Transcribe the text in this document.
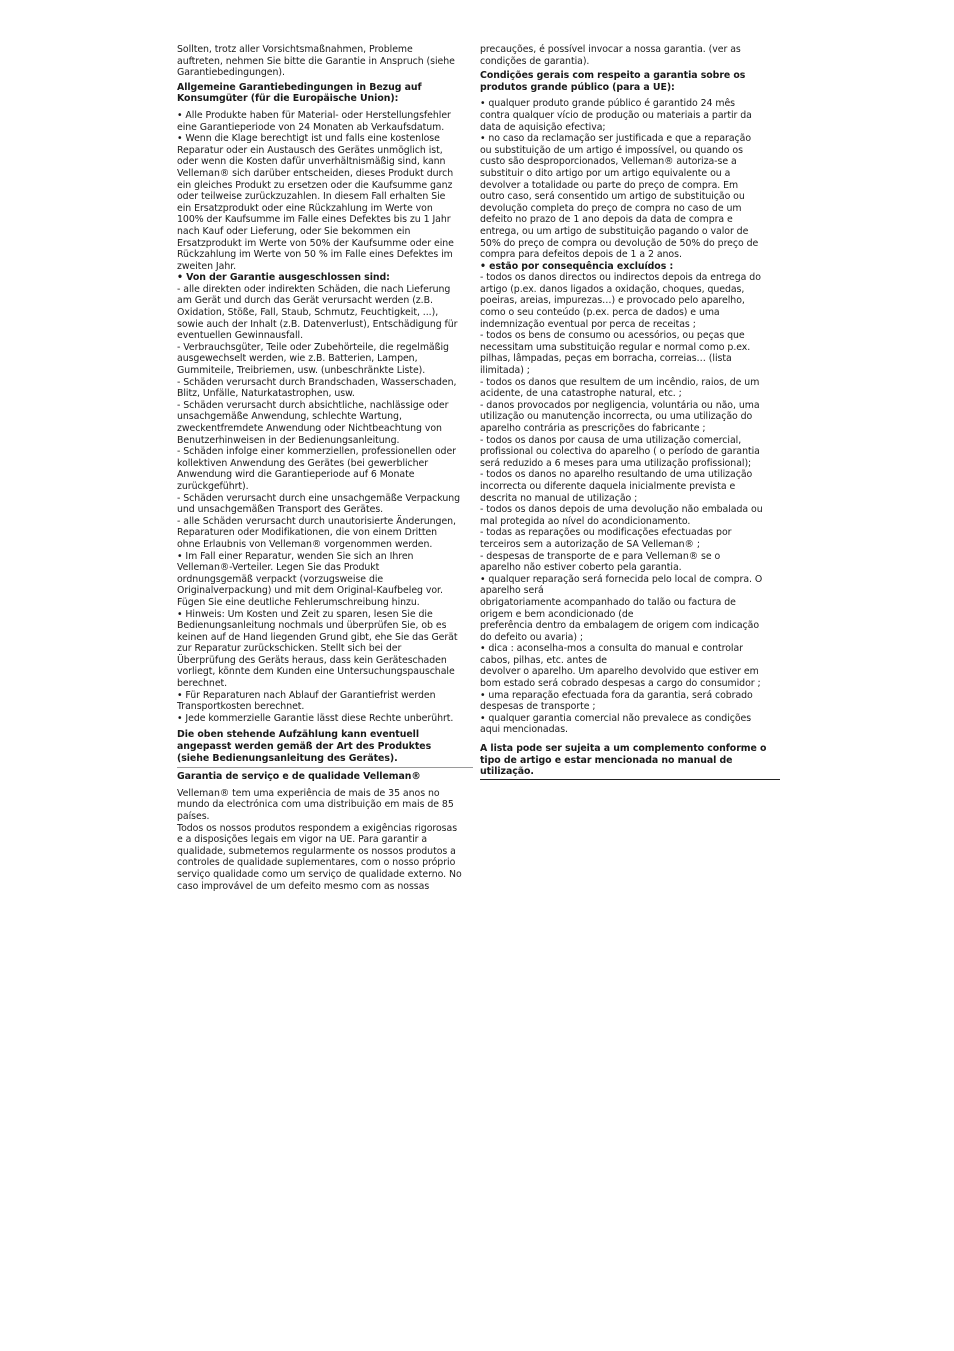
Sollten, trotz aller Vorsichtsmaßnahmen, Probleme
auftreten, nehmen Sie bitte die Garantie in Anspruch (siehe
Garantiebedingungen).

Allgemeine Garantiebedingungen in Bezug auf
Konsumgüter (für die Europäische Union):

• Alle Produkte haben für Material- oder Herstellungsfehler
eine Garantieperiode von 24 Monaten ab Verkaufsdatum.
• Wenn die Klage berechtigt ist und falls eine kostenlose
Reparatur oder ein Austausch des Gerätes unmöglich ist,
oder wenn die Kosten dafür unverhältnismäßig sind, kann
Velleman® sich darüber entscheiden, dieses Produkt durch
ein gleiches Produkt zu ersetzen oder die Kaufsumme ganz
oder teilweise zurückzuzahlen. In diesem Fall erhalten Sie
ein Ersatzprodukt oder eine Rückzahlung im Werte von
100% der Kaufsumme im Falle eines Defektes bis zu 1 Jahr
nach Kauf oder Lieferung, oder Sie bekommen ein
Ersatzprodukt im Werte von 50% der Kaufsumme oder eine
Rückzahlung im Werte von 50 % im Falle eines Defektes im
zweiten Jahr.

• Von der Garantie ausgeschlossen sind:

- alle direkten oder indirekten Schäden, die nach Lieferung
am Gerät und durch das Gerät verursacht werden (z.B.
Oxidation, Stöße, Fall, Staub, Schmutz, Feuchtigkeit, ...),
sowie auch der Inhalt (z.B. Datenverlust), Entschädigung für
eventuellen Gewinnausfall.
- Verbrauchsgüter, Teile oder Zubehörteile, die regelmäßig
ausgewechselt werden, wie z.B. Batterien, Lampen,
Gummiteile, Treibriemen, usw. (unbeschränkte Liste).
- Schäden verursacht durch Brandschaden, Wasserschaden,
Blitz, Unfälle, Naturkatastrophen, usw.
- Schäden verursacht durch absichtliche, nachlässige oder
unsachgemäße Anwendung, schlechte Wartung,
zweckentfremdete Anwendung oder Nichtbeachtung von
Benutzerhinweisen in der Bedienungsanleitung.
- Schäden infolge einer kommerziellen, professionellen oder
kollektiven Anwendung des Gerätes (bei gewerblicher
Anwendung wird die Garantieperiode auf 6 Monate
zurückgeführt).
- Schäden verursacht durch eine unsachgemäße Verpackung
und unsachgemäßen Transport des Gerätes.
- alle Schäden verursacht durch unautorisierte Änderungen,
Reparaturen oder Modifikationen, die von einem Dritten
ohne Erlaubnis von Velleman® vorgenommen werden.
• Im Fall einer Reparatur, wenden Sie sich an Ihren
Velleman®-Verteiler. Legen Sie das Produkt
ordnungsgemäß verpackt (vorzugsweise die
Originalverpackung) und mit dem Original-Kaufbeleg vor.
Fügen Sie eine deutliche Fehlerumschreibung hinzu.
• Hinweis: Um Kosten und Zeit zu sparen, lesen Sie die
Bedienungsanleitung nochmals und überprüfen Sie, ob es
keinen auf de Hand liegenden Grund gibt, ehe Sie das Gerät
zur Reparatur zurückschicken. Stellt sich bei der
Überprüfung des Geräts heraus, dass kein Geräteschaden
vorliegt, könnte dem Kunden eine Untersuchungspauschale
berechnet.
• Für Reparaturen nach Ablauf der Garantiefrist werden
Transportkosten berechnet.
• Jede kommerzielle Garantie lässt diese Rechte unberührt.

Die oben stehende Aufzählung kann eventuell
angepasst werden gemäß der Art des Produktes
(siehe Bedienungsanleitung des Gerätes).

Garantia de serviço e de qualidade Velleman®

Velleman® tem uma experiência de mais de 35 anos no
mundo da electrónica com uma distribuição em mais de 85
países.
Todos os nossos produtos respondem a exigências rigorosas
e a disposições legais em vigor na UE. Para garantir a
qualidade, submetemos regularmente os nossos produtos a
controles de qualidade suplementares, com o nosso próprio
serviço qualidade como um serviço de qualidade externo. No
caso improvável de um defeito mesmo com as nossas

precauções, é possível invocar a nossa garantia. (ver as
condições de garantia).

Condições gerais com respeito a garantia sobre os
produtos grande público (para a UE):

• qualquer produto grande público é garantido 24 mês
contra qualquer vício de produção ou materiais a partir da
data de aquisição efectiva;
• no caso da reclamação ser justificada e que a reparação
ou substituição de um artigo é impossível, ou quando os
custo são desproporcionados, Velleman® autoriza-se a
substituir o dito artigo por um artigo equivalente ou a
devolver a totalidade ou parte do preço de compra. Em
outro caso, será consentido um artigo de substituição ou
devolução completa do preço de compra no caso de um
defeito no prazo de 1 ano depois da data de compra e
entrega, ou um artigo de substituição pagando o valor de
50% do preço de compra ou devolução de 50% do preço de
compra para defeitos depois de 1 a 2 anos.

• estão por consequência excluídos :

- todos os danos directos ou indirectos depois da entrega do
artigo (p.ex. danos ligados a oxidação, choques, quedas,
poeiras, areias, impurezas…) e provocado pelo aparelho,
como o seu conteúdo (p.ex. perca de dados) e uma
indemnização eventual por perca de receitas ;
- todos os bens de consumo ou acessórios, ou peças que
necessitam uma substituição regular e normal como p.ex.
pilhas, lâmpadas, peças em borracha, correias… (lista
ilimitada) ;
- todos os danos que resultem de um incêndio, raios, de um
acidente, de una catastrophe natural, etc. ;
- danos provocados por negligencia, voluntária ou não, uma
utilização ou manutenção incorrecta, ou uma utilização do
aparelho contrária as prescrições do fabricante ;
- todos os danos por causa de uma utilização comercial,
profissional ou colectiva do aparelho ( o período de garantia
será reduzido a 6 meses para uma utilização profissional);
- todos os danos no aparelho resultando de uma utilização
incorrecta ou diferente daquela inicialmente prevista e
descrita no manual de utilização ;
- todos os danos depois de uma devolução não embalada ou
mal protegida ao nível do acondicionamento.
- todas as reparações ou modificações efectuadas por
terceiros sem a autorização de SA Velleman® ;
- despesas de transporte de e para Velleman® se o
aparelho não estiver coberto pela garantia.
• qualquer reparação será fornecida pelo local de compra. O
aparelho será
obrigatoriamente acompanhado do talão ou factura de
origem e bem acondicionado (de
preferência dentro da embalagem de origem com indicação
do defeito ou avaria) ;
• dica : aconselha-mos a consulta do manual e controlar
cabos, pilhas, etc. antes de
devolver o aparelho. Um aparelho devolvido que estiver em
bom estado será cobrado despesas a cargo do consumidor ;
• uma reparação efectuada fora da garantia, será cobrado
despesas de transporte ;
• qualquer garantia comercial não prevalece as condições
aqui mencionadas.

A lista pode ser sujeita a um complemento conforme o
tipo de artigo e estar mencionada no manual de
utilização.
